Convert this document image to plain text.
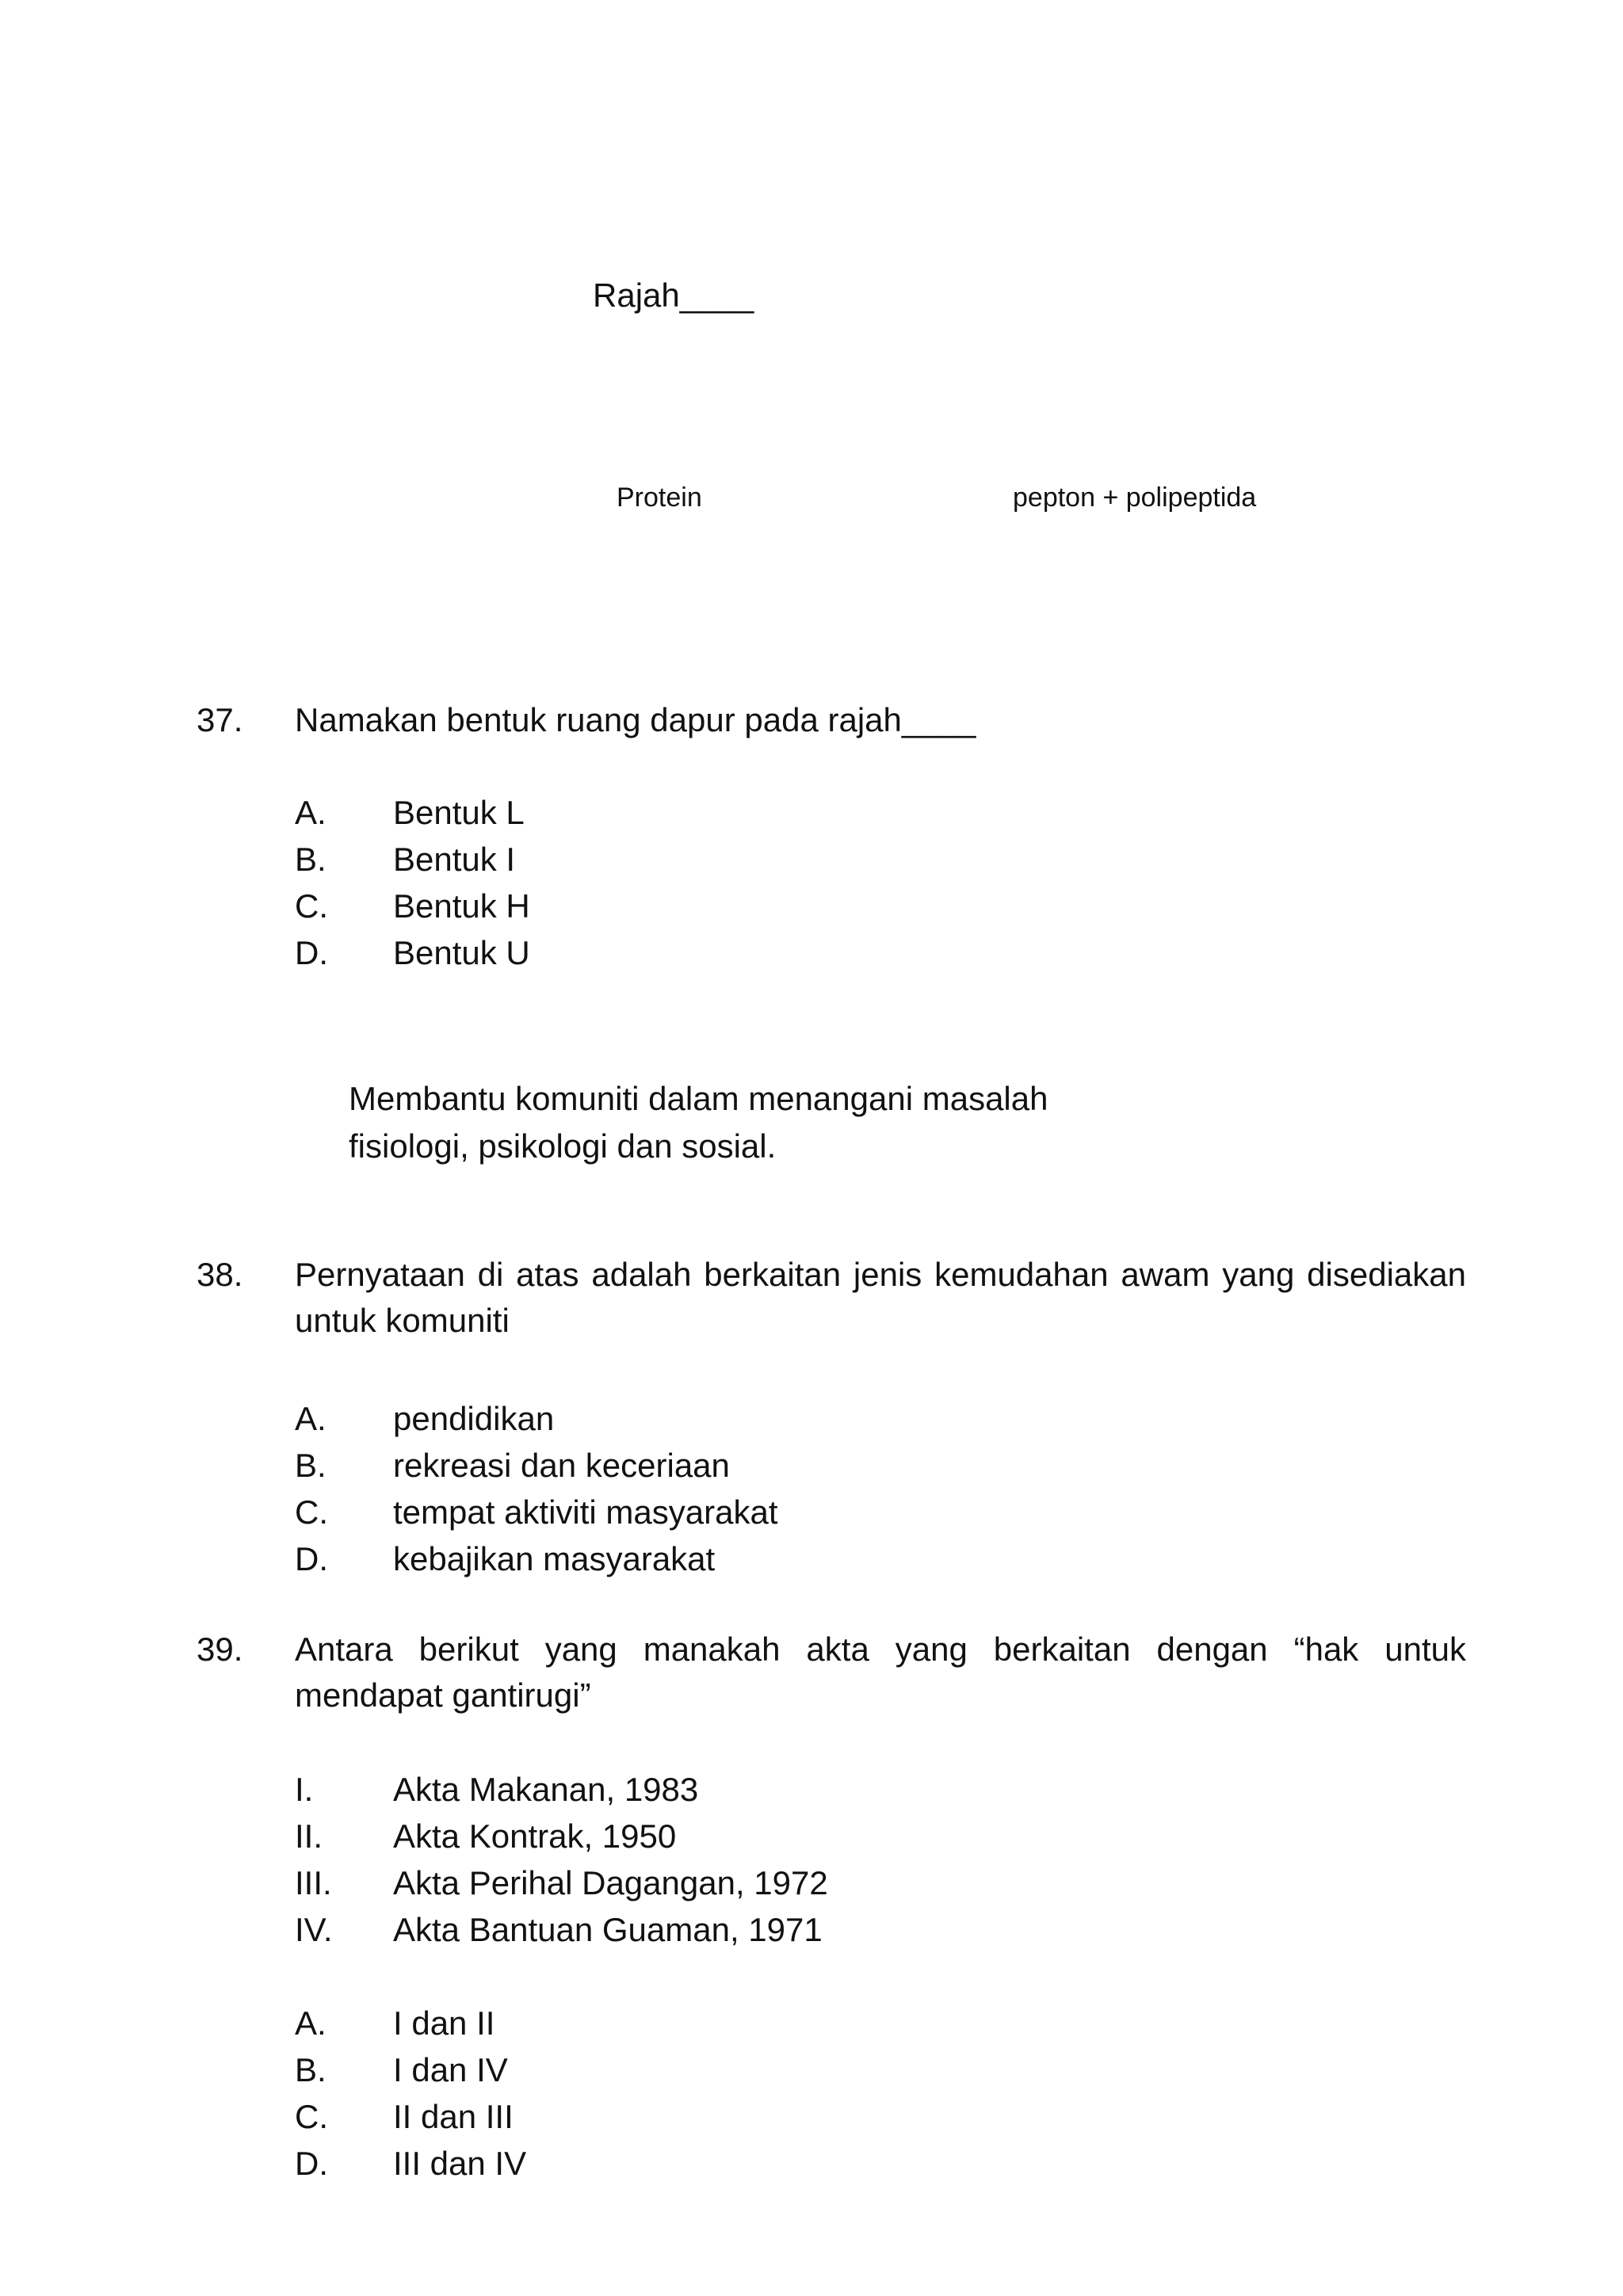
Rajah____
Protein	pepton + polipeptida
37. Namakan bentuk ruang dapur pada rajah____
A. Bentuk L
B. Bentuk I
C. Bentuk H
D. Bentuk U
Membantu komuniti dalam menangani masalah
fisiologi, psikologi dan sosial.
38. Pernyataan di atas adalah berkaitan jenis kemudahan awam yang disediakan untuk komuniti
A. pendidikan
B. rekreasi dan keceriaan
C. tempat aktiviti masyarakat
D. kebajikan masyarakat
39. Antara berikut yang manakah akta yang berkaitan dengan “hak untuk mendapat gantirugi”
I. Akta Makanan, 1983
II. Akta Kontrak, 1950
III. Akta Perihal Dagangan, 1972
IV. Akta Bantuan Guaman, 1971
A. I dan II
B. I dan IV
C. II dan III
D. III dan IV
